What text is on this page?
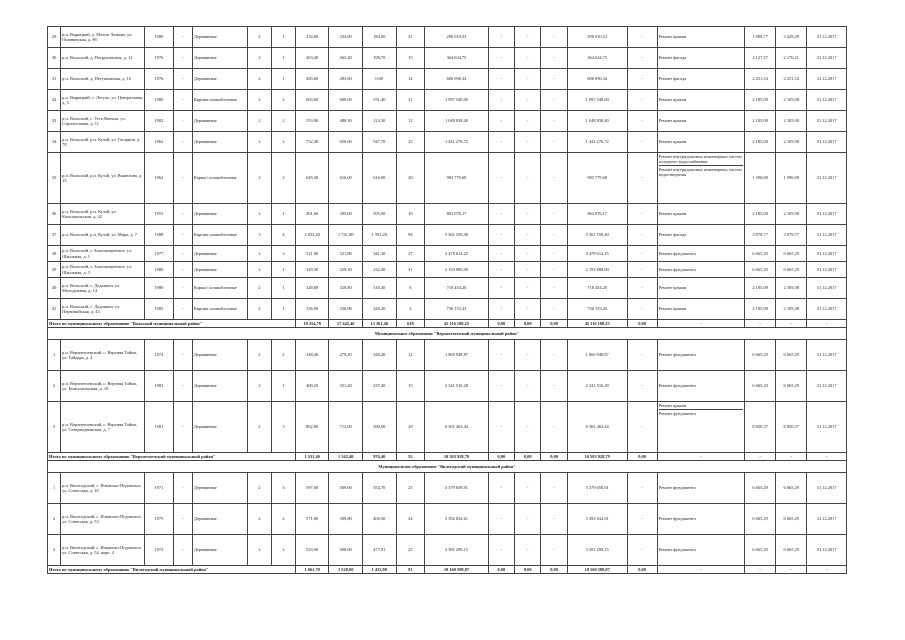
29	р.п. Вырицкий, д. Мелом Лазкова, ул. Ошанинская, д. 8б	1980	-	Деревянные	2	1	234,00	234,00	184,00	31	296 010,53	-	-	-	296 010,53	-	Ремонт крыши	1 098,77	3 429,28	31.12.2017
30	р.п. Вольский, д. Петрушевская, д. 12	1976	-	Деревянные	2	1	263,40	263,40	198,70	15	364 634,75	-	-	-	364 634,75	-	Ремонт фасада	2 127,37	2 176,21	31.12.2017
31	р.п. Вольский, д. Петушинская, д. 16	1976	-	Деревянные	2	1	283,60	283,60	0,00	12	606 096,34	-	-	-	606 096,34	-	Ремонт фасада	2 251,54	2 251,54	31.12.2017
32	р.п. Вырицкий, с. Лесуче, ул. Центральная, д. 3	1980	-	Кирпич шлакоблочные	2	2	603,00	600,00	531,40	31	1 097 540,00	-	-	-	1 097 540,00	-	Ремонт крыши	2 185,08	2 185,08	31.12.2017
33	р.п. Вольский, с. Усть-Ваемля, ул. Строительная, д. 11	1982	-	Деревянные	2	2	553,90	480,30	124,30	12	1 048 838,40	-	-	-	1 048 838,40	-	Ремонт крыши	2 185,08	2 185,08	31.12.2017
34	р.п. Вольский, р.п. Кузой, ул. Гагарина, д. 78	1962	-	Деревянные	2	2	732,40	659,60	547,70	23	1 441 276,72	-	-	-	1 441 276,72	-	Ремонт крыши	2 185,08	2 185,08	31.12.2017
35	р.п. Вольский, р.п. Кузой, ул. Вымелова, д. 15	1962	-	Каркас/ шлакоблочные	2	2	645,30	616,00	616,00	20	983 779,68	-	-	-	983 779,68	-	Ремонт внутридомовых инженерных систем холодного водоснабжения
Ремонт внутридомовых инженерных систем водоотведения	1 596,98	1 596,98	31.12.2017
36	р.п. Вольский, р.п. Кузой, ул. Комсомольская, д. 42	1953	-	Деревянные	2	1	401,60	395,00	395,00	10	863 076,17	-	-	-	863 076,17	-	Ремонт крыши	2 185,08	2 185,08	31.12.2017
37	р.п. Вольский, р.п. Кузой, ул. Мира, д. 7	1988	-	Кирпич шлакоблочные	3	4	2 052,20	1 741,00	1 591,20	94	5 361 559,40	-	-	-	5 361 559,40	-	Ремонт фасада	3 079,77	3 079,77	31.12.2017
38	р.п. Вольский, с. Благовещенское, ул. Школьная, д. 1	1977	-	Деревянные	2	3	521,80	521,80	341,30	27	3 478 614,25	-	-	-	3 478 614,25	-	Ремонт фундамента	6 665,29	6 665,29	31.12.2017
39	р.п. Вольский, с. Благовещенское, ул. Школьная, д. 3	1980	-	Деревянные	2	1	329,30	329,30	232,40	31	2 194 880,00	-	-	-	2 194 880,00	-	Ремонт фундамента	6 665,29	6 665,29	31.12.2017
40	р.п. Вольский, с. Дедовичи, ул. Молодежная, д. 14	1986	-	Каркас/ шлакоблочные	2	1	328,80	328,80	310,40	6	718 454,20	-	-	-	718 454,20	-	Ремонт крыши	2 185,08	2 185,08	31.12.2017
41	р.п. Вольский, с. Дедовичи, ул. Первомайская, д. 43	1985	-	Кирпич шлакоблочные	2	1	336,90	336,90	320,20	2	736 153,43	-	-	-	736 153,43	-	Ремонт крыши	2 185,08	2 185,08	31.12.2017
Итого по муниципальному образованию "Вольский муниципальный район"							18 354,70	17 442,40	13 361,46	618	45 116 188,25	0,00	0,00	0,00	45 116 188,25	0,00	-	-	-	-
Муниципальное образование "Верхнетоемский муниципальный район"																				
1	р.п. Верхнетоемский, с. Верхняя Тойма, ул. Гайдара, д. 4	1974	-	Деревянные	2	2	348,40	279,20	348,40	12	1 860 948,87	-	-	-	1 860 948,87	-	Ремонт фундамента	6 665,29	6 665,29	31.12.2017
2	р.п. Верхнетоемский, с. Верхняя Тойма, ул. Комсомольская, д. 10	1982	-	Деревянные	2	1	400,20	351,20	237,40	15	2 341 516,28	-	-	-	2 341 516,28	-	Ремонт фундамента	6 665,29	6 665,29	31.12.2017
3	р.п. Верхнетоемский, с. Верхняя Тойма, ул. Севернодвинская, д. 7	1981	-	Деревянные	2	3	802,80	712,00	390,90	28	6 301 463,44	-	-	-	6 301 463,44	-	Ремонт крыши
Ремонт фундамента	8 850,37	8 850,37	31.12.2017
Итого по муниципальному образованию "Верхнетоемский муниципальный район"							1 551,40	1 342,40	976,40	55	10 503 928,79	0,00	0,00	0,00	10 503 928,79	0,00	-	-	-	-
Муниципальное образование "Вилегодский муниципальный район"																				
1	р.п. Вилегодский, с. Ильинско-Подомское, ул. Советская, д. 10	1971	-	Деревянные	2	3	597,00	509,60	554,70	25	3 379 658,91	-	-	-	3 379 658,91	-	Ремонт фундамента	6 665,29	6 665,29	31.12.2017
2	р.п. Вилегодский, с. Ильинско-Подомское, ул. Советская, д. 53	1975	-	Деревянные	2	2	571,80	509,80	400,30	34	3 392 632,61	-	-	-	3 392 632,61	-	Ремонт фундамента	6 665,29	6 665,29	31.12.2017
3	р.п. Вилегодский, с. Ильинско-Подомское, ул. Советская, д. 54, корп. 4	1972	-	Деревянные	2	2	523,90	508,60	477,91	25	3 391 299,15	-	-	-	3 391 299,15	-	Ремонт фундамента	6 665,29	6 665,29	31.12.2017
Итого по муниципальному образованию "Вилегодский муниципальный район"							1 661,70	1 528,00	1 432,80	91	10 160 588,07	0,00	0,00	0,00	10 160 588,07	0,00	-	-	-	-
